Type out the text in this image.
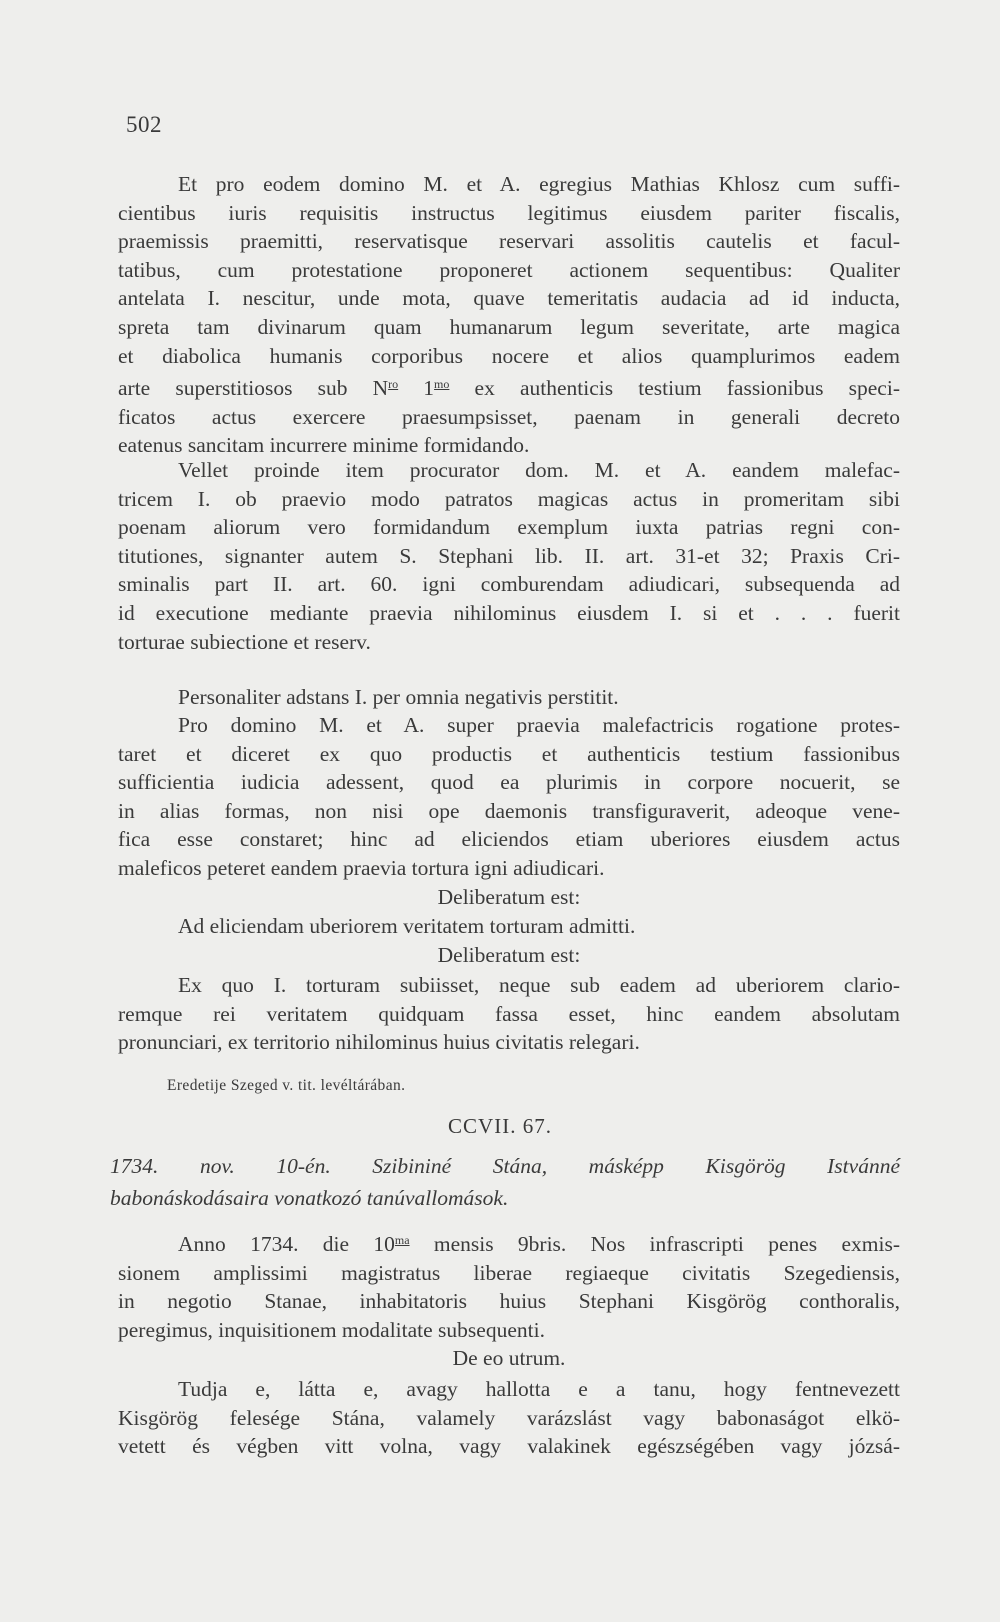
502
Et pro eodem domino M. et A. egregius Mathias Khlosz cum suffi-
cientibus iuris requisitis instructus legitimus eiusdem pariter fiscalis,
praemissis praemitti, reservatisque reservari assolitis cautelis et facul-
tatibus, cum protestatione proponeret actionem sequentibus: Qualiter
antelata I. nescitur, unde mota, quave temeritatis audacia ad id inducta,
spreta tam divinarum quam humanarum legum severitate, arte magica
et diabolica humanis corporibus nocere et alios quamplurimos eadem
arte superstitiosos sub $N^{ro}$ $1^{mo}$ ex authenticis testium fassionibus speci-
ficatos actus exercere praesumpsisset, paenam in generali decreto
eatenus sancitam incurrere minime formidando.
Vellet proinde item procurator dom. M. et A. eandem malefac-
tricem I. ob praevio modo patratos magicas actus in promeritam sibi
poenam aliorum vero formidandum exemplum iuxta patrias regni con-
titutiones, signanter autem S. Stephani lib. II. art. 31-et 32; Praxis Cri-
sminalis part II. art. 60. igni comburendam adiudicari, subsequenda ad
id executione mediante praevia nihilominus eiusdem I. si et . . . fuerit
torturae subiectione et reserv.
Personaliter adstans I. per omnia negativis perstitit.
Pro domino M. et A. super praevia malefactricis rogatione protes-
taret et diceret ex quo productis et authenticis testium fassionibus
sufficientia iudicia adessent, quod ea plurimis in corpore nocuerit, se
in alias formas, non nisi ope daemonis transfiguraverit, adeoque vene-
fica esse constaret; hinc ad eliciendos etiam uberiores eiusdem actus
maleficos peteret eandem praevia tortura igni adiudicari.
Deliberatum est:
Ad eliciendam uberiorem veritatem torturam admitti.
Deliberatum est:
Ex quo I. torturam subiisset, neque sub eadem ad uberiorem clario-
remque rei veritatem quidquam fassa esset, hinc eandem absolutam
pronunciari, ex territorio nihilominus huius civitatis relegari.
Eredetije Szeged v. tit. levéltárában.
CCVII. 67.
1734. nov. 10-én. Szibininé Stána, másképp Kisgörög Istvánné
babonáskodásaira vonatkozó tanúvallomások.
Anno 1734. die $10^{ma}$ mensis 9bris. Nos infrascripti penes exmis-
sionem amplissimi magistratus liberae regiaeque civitatis Szegediensis,
in negotio Stanae, inhabitatoris huius Stephani Kisgörög conthoralis,
peregimus, inquisitionem modalitate subsequenti.
De eo utrum.
Tudja e, látta e, avagy hallotta e a tanu, hogy fentnevezett
Kisgörög felesége Stána, valamely varázslást vagy babonaságot elkö-
vetett és végben vitt volna, vagy valakinek egészségében vagy józsá-
